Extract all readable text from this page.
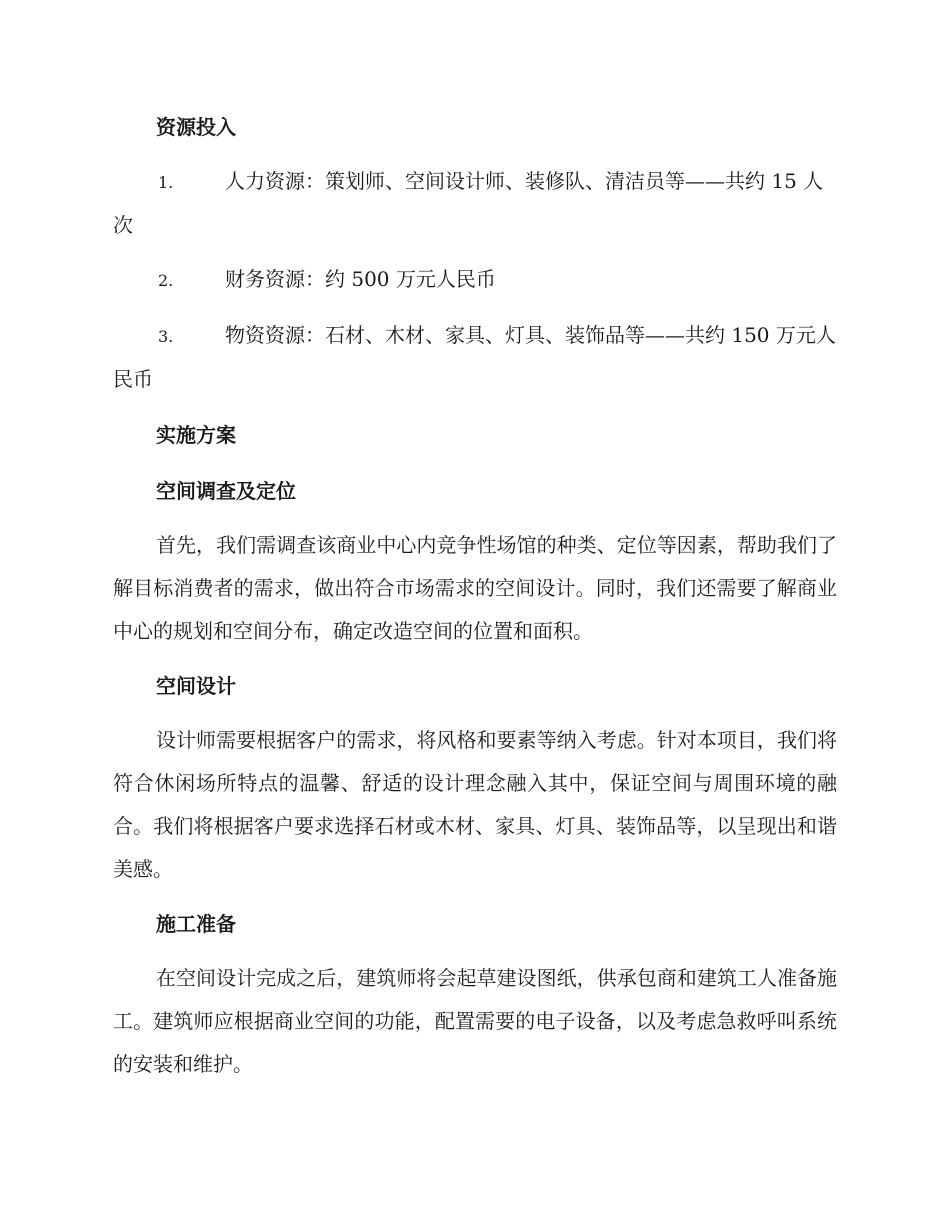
资源投入
1.	人力资源：策划师、空间设计师、装修队、清洁员等——共约 15 人次
2.	财务资源：约 500 万元人民币
3.	物资资源：石材、木材、家具、灯具、装饰品等——共约 150 万元人民币
实施方案
空间调查及定位

首先，我们需调查该商业中心内竞争性场馆的种类、定位等因素，帮助我们了解目标消费者的需求，做出符合市场需求的空间设计。同时，我们还需要了解商业中心的规划和空间分布，确定改造空间的位置和面积。

空间设计

设计师需要根据客户的需求，将风格和要素等纳入考虑。针对本项目，我们将符合休闲场所特点的温馨、舒适的设计理念融入其中，保证空间与周围环境的融合。我们将根据客户要求选择石材或木材、家具、灯具、装饰品等，以呈现出和谐美感。

施工准备

在空间设计完成之后，建筑师将会起草建设图纸，供承包商和建筑工人准备施工。建筑师应根据商业空间的功能，配置需要的电子设备，以及考虑急救呼叫系统的安装和维护。
